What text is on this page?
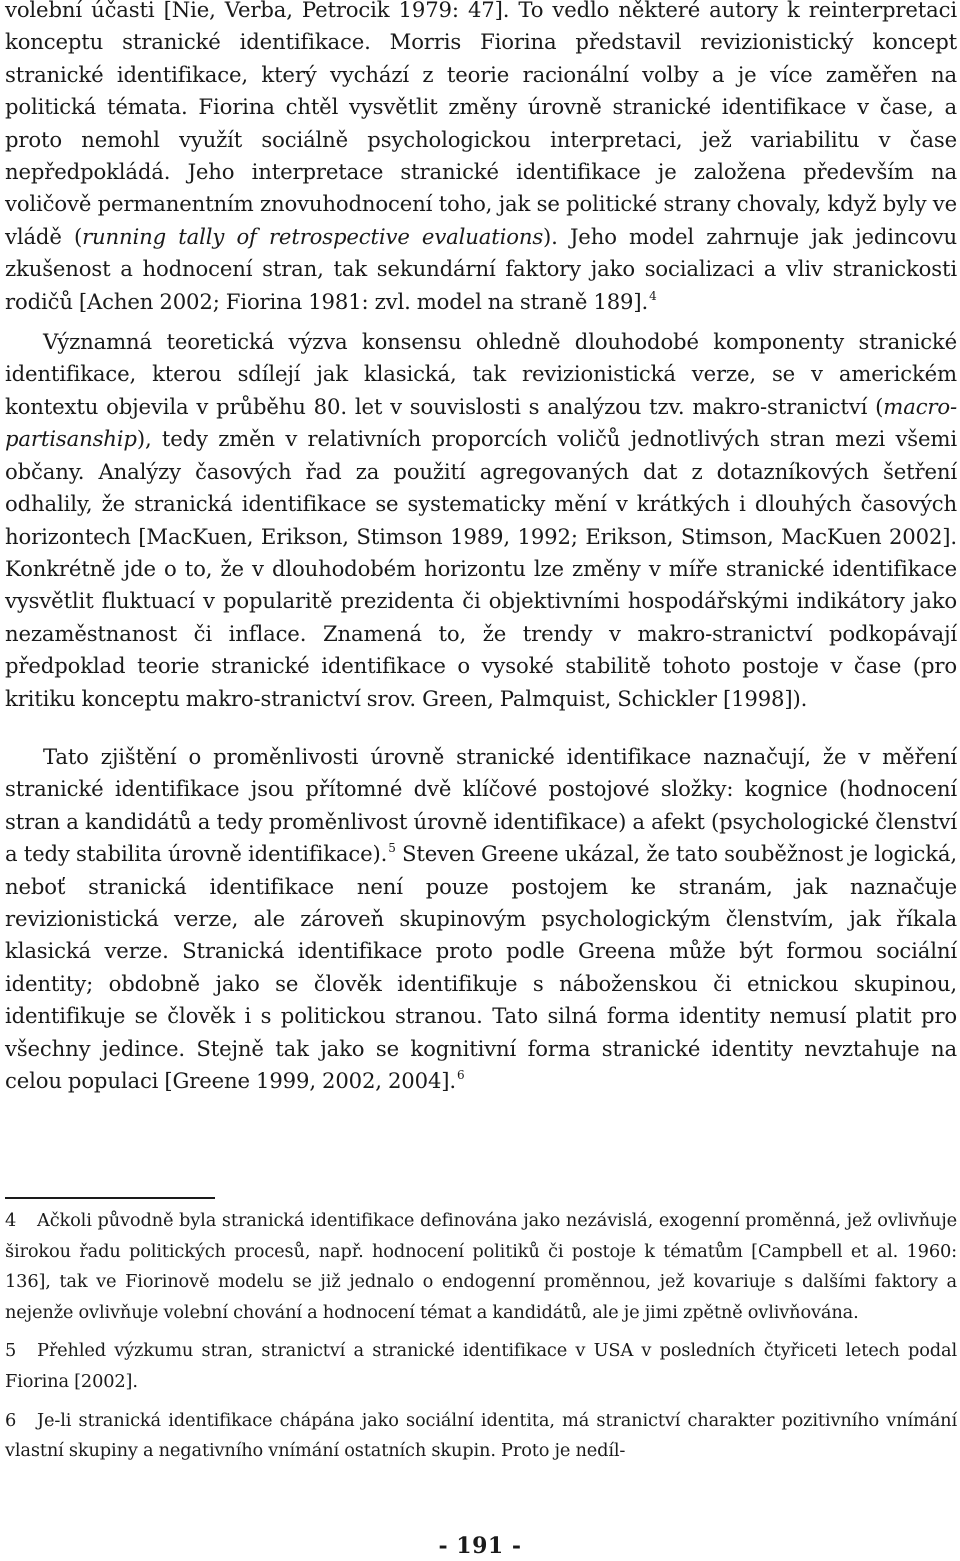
volební účasti [Nie, Verba, Petrocik 1979: 47]. To vedlo některé autory k reinterpretaci konceptu stranické identifikace. Morris Fiorina představil revizionistický koncept stranické identifikace, který vychází z teorie racionální volby a je více zaměřen na politická témata. Fiorina chtěl vysvětlit změny úrovně stranické identifikace v čase, a proto nemohl využít sociálně psychologickou interpretaci, jež variabilitu v čase nepředpokládá. Jeho interpretace stranické identifikace je založena především na voličově permanentním znovuhodnocení toho, jak se politické strany chovaly, když byly ve vládě (running tally of retrospective evaluations). Jeho model zahrnuje jak jedincovu zkušenost a hodnocení stran, tak sekundární faktory jako socializaci a vliv stranickosti rodičů [Achen 2002; Fiorina 1981: zvl. model na straně 189].$^4$

Významná teoretická výzva konsensu ohledně dlouhodobé komponenty stranické identifikace, kterou sdílejí jak klasická, tak revizionistická verze, se v americkém kontextu objevila v průběhu 80. let v souvislosti s analýzou tzv. makro-stranictví (macro-partisanship), tedy změn v relativních proporcích voličů jednotlivých stran mezi všemi občany. Analýzy časových řad za použití agregovaných dat z dotazníkových šetření odhalily, že stranická identifikace se systematicky mění v krátkých i dlouhých časových horizontech [MacKuen, Erikson, Stimson 1989, 1992; Erikson, Stimson, MacKuen 2002]. Konkrétně jde o to, že v dlouhodobém horizontu lze změny v míře stranické identifikace vysvětlit fluktuací v popularitě prezidenta či objektivními hospodářskými indikátory jako nezaměstnanost či inflace. Znamená to, že trendy v makro-stranictví podkopávají předpoklad teorie stranické identifikace o vysoké stabilitě tohoto postoje v čase (pro kritiku konceptu makro-stranictví srov. Green, Palmquist, Schickler [1998]).

Tato zjištění o proměnlivosti úrovně stranické identifikace naznačují, že v měření stranické identifikace jsou přítomné dvě klíčové postojové složky: kognice (hodnocení stran a kandidátů a tedy proměnlivost úrovně identifikace) a afekt (psychologické členství a tedy stabilita úrovně identifikace).$^5$ Steven Greene ukázal, že tato souběžnost je logická, neboť stranická identifikace není pouze postojem ke stranám, jak naznačuje revizionistická verze, ale zároveň skupinovým psychologickým členstvím, jak říkala klasická verze. Stranická identifikace proto podle Greena může být formou sociální identity; obdobně jako se člověk identifikuje s náboženskou či etnickou skupinou, identifikuje se člověk i s politickou stranou. Tato silná forma identity nemusí platit pro všechny jedince. Stejně tak jako se kognitivní forma stranické identity nevztahuje na celou populaci [Greene 1999, 2002, 2004].$^6$

4 Ačkoli původně byla stranická identifikace definována jako nezávislá, exogenní proměnná, jež ovlivňuje širokou řadu politických procesů, např. hodnocení politiků či postoje k tématům [Campbell et al. 1960: 136], tak ve Fiorinově modelu se již jednalo o endogenní proměnnou, jež kovariuje s dalšími faktory a nejenže ovlivňuje volební chování a hodnocení témat a kandidátů, ale je jimi zpětně ovlivňována.

5 Přehled výzkumu stran, stranictví a stranické identifikace v USA v posledních čtyřiceti letech podal Fiorina [2002].

6 Je-li stranická identifikace chápána jako sociální identita, má stranictví charakter pozitivního vnímání vlastní skupiny a negativního vnímání ostatních skupin. Proto je nedíl-

- 191 -
